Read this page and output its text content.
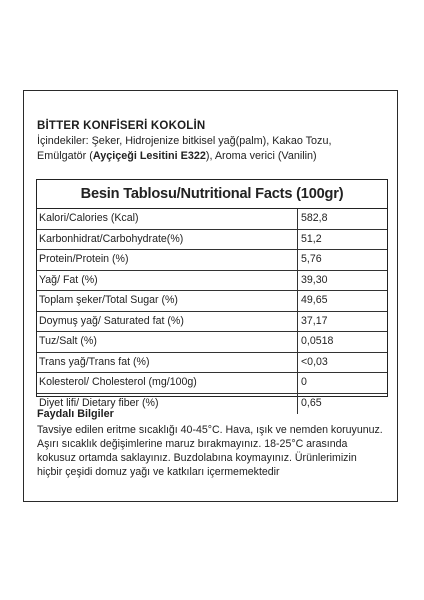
BİTTER KONFİSERİ KOKOLİN
İçindekiler: Şeker, Hidrojenize bitkisel yağ(palm), Kakao Tozu,
Emülgatör (Ayçiçeği Lesitini E322), Aroma verici (Vanilin)
Besin Tablosu/Nutritional Facts (100gr)
Kalori/Calories (Kcal)	582,8
Karbonhidrat/Carbohydrate(%)	51,2
Protein/Protein (%)	5,76
Yağ/ Fat (%)	39,30
Toplam şeker/Total Sugar (%)	49,65
Doymuş yağ/ Saturated fat (%)	37,17
Tuz/Salt (%)	0,0518
Trans yağ/Trans fat (%)	<0,03
Kolesterol/ Cholesterol (mg/100g)	0
Diyet lifi/ Dietary fiber (%)	0,65
Faydalı Bilgiler
Tavsiye edilen eritme sıcaklığı 40-45°C. Hava, ışık ve nemden koruyunuz.
Aşırı sıcaklık değişimlerine maruz bırakmayınız. 18-25°C arasında
kokusuz ortamda saklayınız. Buzdolabına koymayınız. Ürünlerimizin
hiçbir çeşidi domuz yağı ve katkıları içermemektedir
